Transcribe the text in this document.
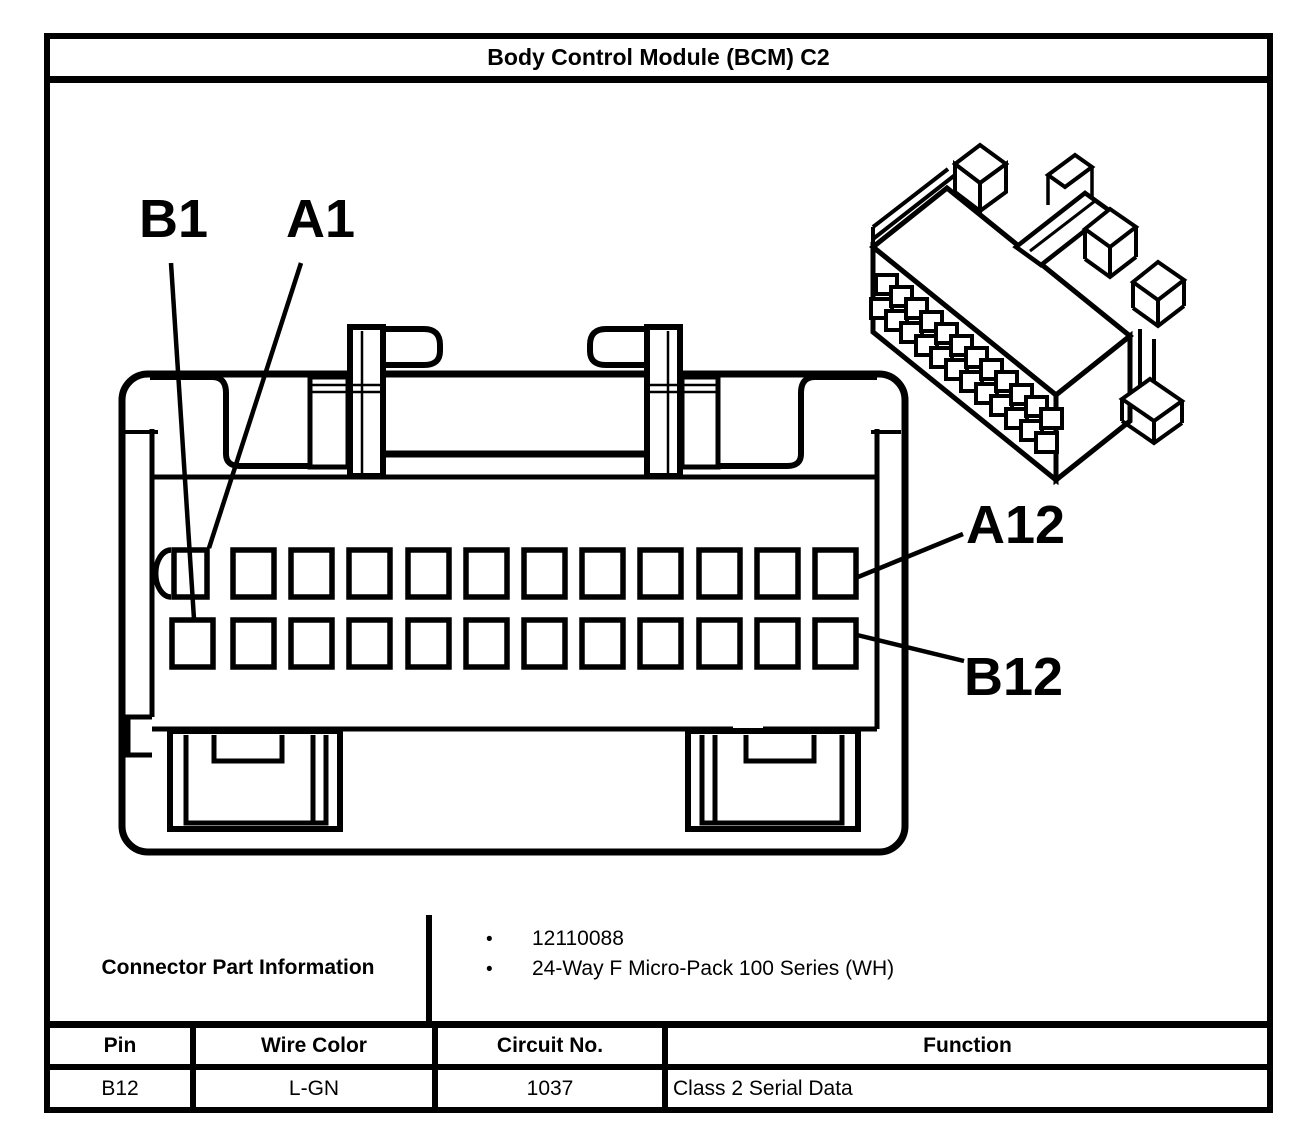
Body Control Module (BCM) C2
B1 A1
A12
B12
Connector Part Information
•	12110088
•	24-Way F Micro-Pack 100 Series (WH)
Pin	Wire Color	Circuit No.	Function
B12	L-GN	1037	Class 2 Serial Data
